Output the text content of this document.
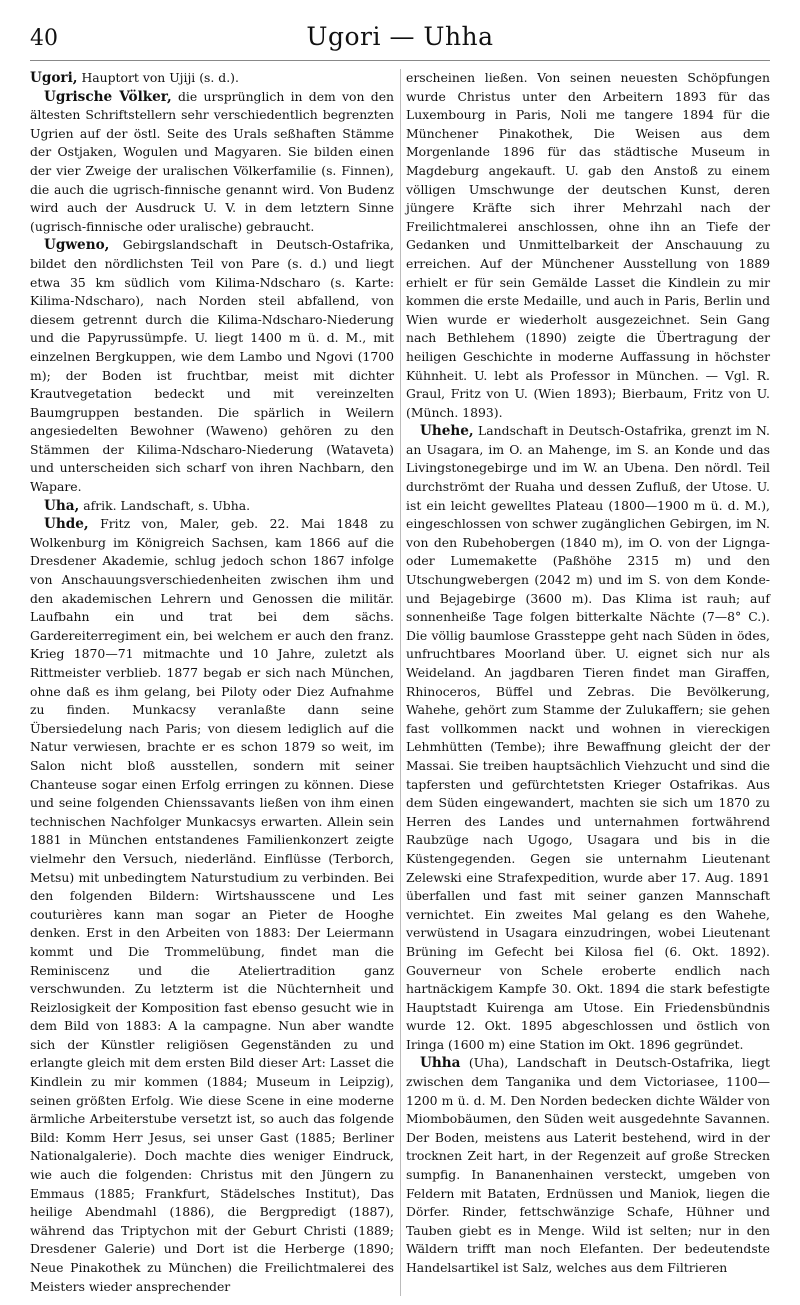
40	Ugori — Uhha

Ugori, Hauptort von Ujiji (s. d.).

Ugrische Völker, die ursprünglich in dem von den ältesten Schriftstellern sehr verschiedentlich begrenzten Ugrien auf der östl. Seite des Urals seßhaften Stämme der Ostjaken, Wogulen und Magyaren. Sie bilden einen der vier Zweige der uralischen Völkerfamilie (s. Finnen), die auch die ugrisch-finnische genannt wird. Von Budenz wird auch der Ausdruck U. V. in dem letztern Sinne (ugrisch-finnische oder uralische) gebraucht.

Ugweno, Gebirgslandschaft in Deutsch-Ostafrika, bildet den nördlichsten Teil von Pare (s. d.) und liegt etwa 35 km südlich vom Kilima-Ndscharo (s. Karte: Kilima-Ndscharo), nach Norden steil abfallend, von diesem getrennt durch die Kilima-Ndscharo-Niederung und die Papyrussümpfe. U. liegt 1400 m ü. d. M., mit einzelnen Bergkuppen, wie dem Lambo und Ngovi (1700 m); der Boden ist fruchtbar, meist mit dichter Krautvegetation bedeckt und mit vereinzelten Baumgruppen bestanden. Die spärlich in Weilern angesiedelten Bewohner (Waweno) gehören zu den Stämmen der Kilima-Ndscharo-Niederung (Wataveta) und unterscheiden sich scharf von ihren Nachbarn, den Wapare.

Uha, afrik. Landschaft, s. Ubha.

Uhde, Fritz von, Maler, geb. 22. Mai 1848 zu Wolkenburg im Königreich Sachsen, kam 1866 auf die Dresdener Akademie, schlug jedoch schon 1867 infolge von Anschauungsverschiedenheiten zwischen ihm und den akademischen Lehrern und Genossen die militär. Laufbahn ein und trat bei dem sächs. Gardereiterregiment ein, bei welchem er auch den franz. Krieg 1870—71 mitmachte und 10 Jahre, zuletzt als Rittmeister verblieb. 1877 begab er sich nach München, ohne daß es ihm gelang, bei Piloty oder Diez Aufnahme zu finden. Munkacsy veranlaßte dann seine Übersiedelung nach Paris; von diesem lediglich auf die Natur verwiesen, brachte er es schon 1879 so weit, im Salon nicht bloß ausstellen, sondern mit seiner Chanteuse sogar einen Erfolg erringen zu können. Diese und seine folgenden Chienssavants ließen von ihm einen technischen Nachfolger Munkacsys erwarten. Allein sein 1881 in München entstandenes Familienkonzert zeigte vielmehr den Versuch, niederländ. Einflüsse (Terborch, Metsu) mit unbedingtem Naturstudium zu verbinden. Bei den folgenden Bildern: Wirtshausscene und Les couturières kann man sogar an Pieter de Hooghe denken. Erst in den Arbeiten von 1883: Der Leiermann kommt und Die Trommelübung, findet man die Reminiscenz und die Ateliertradition ganz verschwunden. Zu letzterm ist die Nüchternheit und Reizlosigkeit der Komposition fast ebenso gesucht wie in dem Bild von 1883: A la campagne. Nun aber wandte sich der Künstler religiösen Gegenständen zu und erlangte gleich mit dem ersten Bild dieser Art: Lasset die Kindlein zu mir kommen (1884; Museum in Leipzig), seinen größten Erfolg. Wie diese Scene in eine moderne ärmliche Arbeiterstube versetzt ist, so auch das folgende Bild: Komm Herr Jesus, sei unser Gast (1885; Berliner Nationalgalerie). Doch machte dies weniger Eindruck, wie auch die folgenden: Christus mit den Jüngern zu Emmaus (1885; Frankfurt, Städelsches Institut), Das heilige Abendmahl (1886), die Bergpredigt (1887), während das Triptychon mit der Geburt Christi (1889; Dresdener Galerie) und Dort ist die Herberge (1890; Neue Pinakothek zu München) die Freilichtmalerei des Meisters wieder ansprechender

erscheinen ließen. Von seinen neuesten Schöpfungen wurde Christus unter den Arbeitern 1893 für das Luxembourg in Paris, Noli me tangere 1894 für die Münchener Pinakothek, Die Weisen aus dem Morgenlande 1896 für das städtische Museum in Magdeburg angekauft. U. gab den Anstoß zu einem völligen Umschwunge der deutschen Kunst, deren jüngere Kräfte sich ihrer Mehrzahl nach der Freilichtmalerei anschlossen, ohne ihn an Tiefe der Gedanken und Unmittelbarkeit der Anschauung zu erreichen. Auf der Münchener Ausstellung von 1889 erhielt er für sein Gemälde Lasset die Kindlein zu mir kommen die erste Medaille, und auch in Paris, Berlin und Wien wurde er wiederholt ausgezeichnet. Sein Gang nach Bethlehem (1890) zeigte die Übertragung der heiligen Geschichte in moderne Auffassung in höchster Kühnheit. U. lebt als Professor in München. — Vgl. R. Graul, Fritz von U. (Wien 1893); Bierbaum, Fritz von U. (Münch. 1893).

Uhehe, Landschaft in Deutsch-Ostafrika, grenzt im N. an Usagara, im O. an Mahenge, im S. an Konde und das Livingstonegebirge und im W. an Ubena. Den nördl. Teil durchströmt der Ruaha und dessen Zufluß, der Utose. U. ist ein leicht gewelltes Plateau (1800—1900 m ü. d. M.), eingeschlossen von schwer zugänglichen Gebirgen, im N. von den Rubehobergen (1840 m), im O. von der Lignga- oder Lumemakette (Paßhöhe 2315 m) und den Utschungwebergen (2042 m) und im S. von dem Konde- und Bejagebirge (3600 m). Das Klima ist rauh; auf sonnenheiße Tage folgen bitterkalte Nächte (7—8° C.). Die völlig baumlose Grassteppe geht nach Süden in ödes, unfruchtbares Moorland über. U. eignet sich nur als Weideland. An jagdbaren Tieren findet man Giraffen, Rhinoceros, Büffel und Zebras. Die Bevölkerung, Wahehe, gehört zum Stamme der Zulukaffern; sie gehen fast vollkommen nackt und wohnen in viereckigen Lehmhütten (Tembe); ihre Bewaffnung gleicht der der Massai. Sie treiben hauptsächlich Viehzucht und sind die tapfersten und gefürchtetsten Krieger Ostafrikas. Aus dem Süden eingewandert, machten sie sich um 1870 zu Herren des Landes und unternahmen fortwährend Raubzüge nach Ugogo, Usagara und bis in die Küstengegenden. Gegen sie unternahm Lieutenant Zelewski eine Strafexpedition, wurde aber 17. Aug. 1891 überfallen und fast mit seiner ganzen Mannschaft vernichtet. Ein zweites Mal gelang es den Wahehe, verwüstend in Usagara einzudringen, wobei Lieutenant Brüning im Gefecht bei Kilosa fiel (6. Okt. 1892). Gouverneur von Schele eroberte endlich nach hartnäckigem Kampfe 30. Okt. 1894 die stark befestigte Hauptstadt Kuirenga am Utose. Ein Friedensbündnis wurde 12. Okt. 1895 abgeschlossen und östlich von Iringa (1600 m) eine Station im Okt. 1896 gegründet.

Uhha (Uha), Landschaft in Deutsch-Ostafrika, liegt zwischen dem Tanganika und dem Victoriasee, 1100—1200 m ü. d. M. Den Norden bedecken dichte Wälder von Miombobäumen, den Süden weit ausgedehnte Savannen. Der Boden, meistens aus Laterit bestehend, wird in der trocknen Zeit hart, in der Regenzeit auf große Strecken sumpfig. In Bananenhainen versteckt, umgeben von Feldern mit Bataten, Erdnüssen und Maniok, liegen die Dörfer. Rinder, fettschwänzige Schafe, Hühner und Tauben giebt es in Menge. Wild ist selten; nur in den Wäldern trifft man noch Elefanten. Der bedeutendste Handelsartikel ist Salz, welches aus dem Filtrieren
